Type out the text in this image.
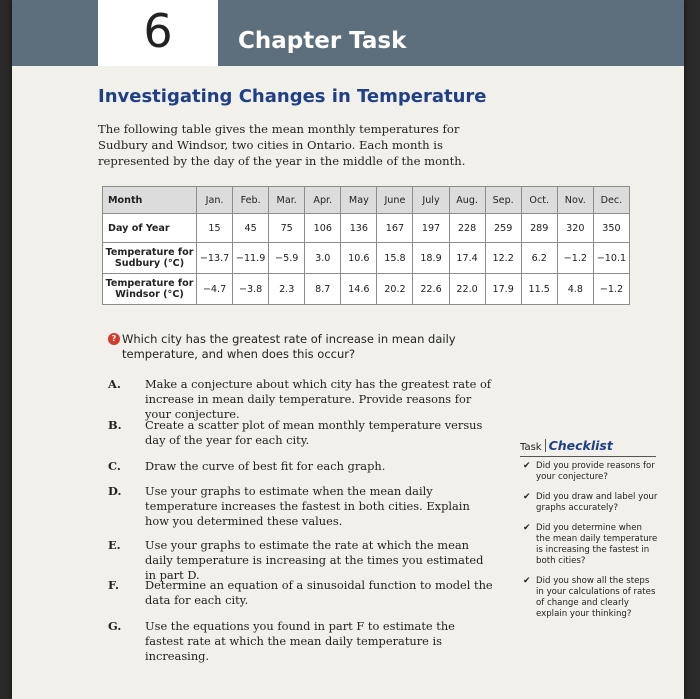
6	Chapter Task
Investigating Changes in Temperature
The following table gives the mean monthly temperatures for Sudbury and Windsor, two cities in Ontario. Each month is represented by the day of the year in the middle of the month.
Month	Jan.	Feb.	Mar.	Apr.	May	June	July	Aug.	Sep.	Oct.	Nov.	Dec.
Day of Year	15	45	75	106	136	167	197	228	259	289	320	350

Temperature for
Sudbury (°C)	−13.7	−11.9	−5.9	3.0	10.6	15.8	18.9	17.4	12.2	6.2	−1.2	−10.1

Temperature for
Windsor (°C)	−4.7	−3.8	2.3	8.7	14.6	20.2	22.6	22.0	17.9	11.5	4.8	−1.2
? Which city has the greatest rate of increase in mean daily temperature, and when does this occur?
A. Make a conjecture about which city has the greatest rate of increase in mean daily temperature. Provide reasons for your conjecture.
B. Create a scatter plot of mean monthly temperature versus day of the year for each city.
C. Draw the curve of best fit for each graph.
D. Use your graphs to estimate when the mean daily temperature increases the fastest in both cities. Explain how you determined these values.
E. Use your graphs to estimate the rate at which the mean daily temperature is increasing at the times you estimated in part D.
F. Determine an equation of a sinusoidal function to model the data for each city.
G. Use the equations you found in part F to estimate the fastest rate at which the mean daily temperature is increasing.
Task Checklist
✔ Did you provide reasons for your conjecture?
✔ Did you draw and label your graphs accurately?
✔ Did you determine when the mean daily temperature is increasing the fastest in both cities?
✔ Did you show all the steps in your calculations of rates of change and clearly explain your thinking?
